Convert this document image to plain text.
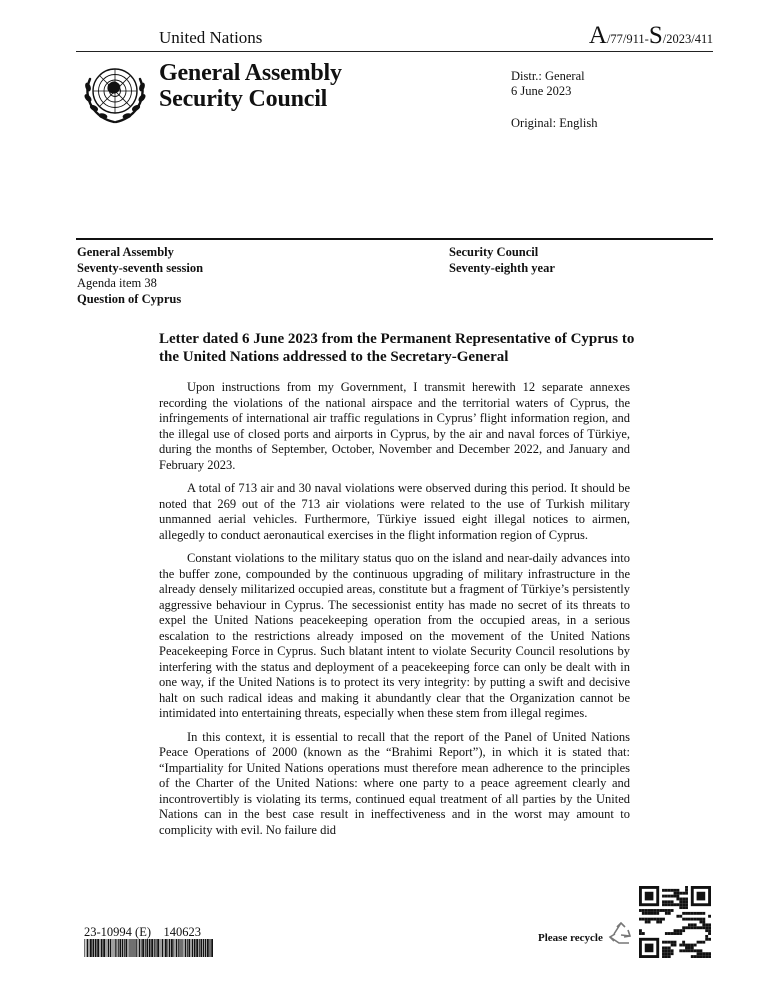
United Nations	A/77/911-S/2023/411
General Assembly
Security Council
Distr.: General
6 June 2023
Original: English
General Assembly
Seventy-seventh session
Agenda item 38
Question of Cyprus
Security Council
Seventy-eighth year
Letter dated 6 June 2023 from the Permanent Representative of Cyprus to the United Nations addressed to the Secretary-General

Upon instructions from my Government, I transmit herewith 12 separate annexes recording the violations of the national airspace and the territorial waters of Cyprus, the infringements of international air traffic regulations in Cyprus’ flight information region, and the illegal use of closed ports and airports in Cyprus, by the air and naval forces of Türkiye, during the months of September, October, November and December 2022, and January and February 2023.

A total of 713 air and 30 naval violations were observed during this period. It should be noted that 269 out of the 713 air violations were related to the use of Turkish military unmanned aerial vehicles. Furthermore, Türkiye issued eight illegal notices to airmen, allegedly to conduct aeronautical exercises in the flight information region of Cyprus.

Constant violations to the military status quo on the island and near-daily advances into the buffer zone, compounded by the continuous upgrading of military infrastructure in the already densely militarized occupied areas, constitute but a fragment of Türkiye’s persistently aggressive behaviour in Cyprus. The secessionist entity has made no secret of its threats to expel the United Nations peacekeeping operation from the occupied areas, in a serious escalation to the restrictions already imposed on the movement of the United Nations Peacekeeping Force in Cyprus. Such blatant intent to violate Security Council resolutions by interfering with the status and deployment of a peacekeeping force can only be dealt with in one way, if the United Nations is to protect its very integrity: by putting a swift and decisive halt on such radical ideas and making it abundantly clear that the Organization cannot be intimidated into entertaining threats, especially when these stem from illegal regimes.

In this context, it is essential to recall that the report of the Panel of United Nations Peace Operations of 2000 (known as the “Brahimi Report”), in which it is stated that: “Impartiality for United Nations operations must therefore mean adherence to the principles of the Charter of the United Nations: where one party to a peace agreement clearly and incontrovertibly is violating its terms, continued equal treatment of all parties by the United Nations can in the best case result in ineffectiveness and in the worst may amount to complicity with evil. No failure did

23-10994 (E)    140623	Please recycle
